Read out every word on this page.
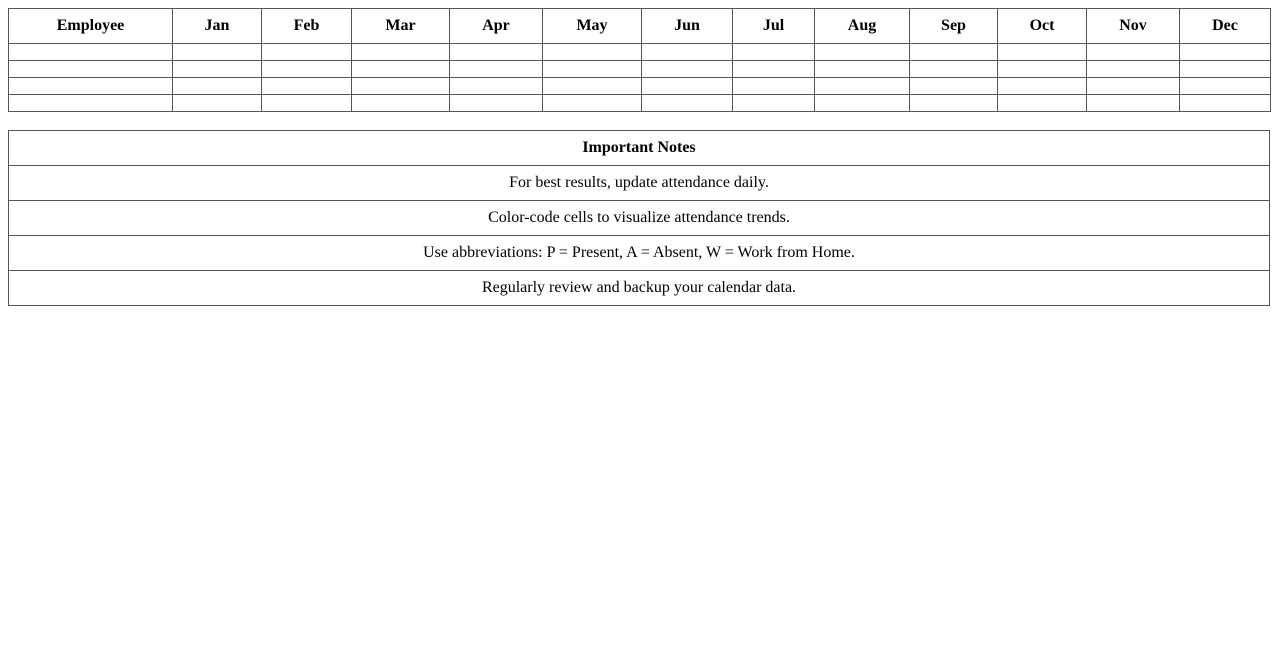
Employee	Jan	Feb	Mar	Apr	May	Jun	Jul	Aug	Sep	Oct	Nov	Dec

Important Notes
For best results, update attendance daily.
Color-code cells to visualize attendance trends.
Use abbreviations: P = Present, A = Absent, W = Work from Home.
Regularly review and backup your calendar data.
